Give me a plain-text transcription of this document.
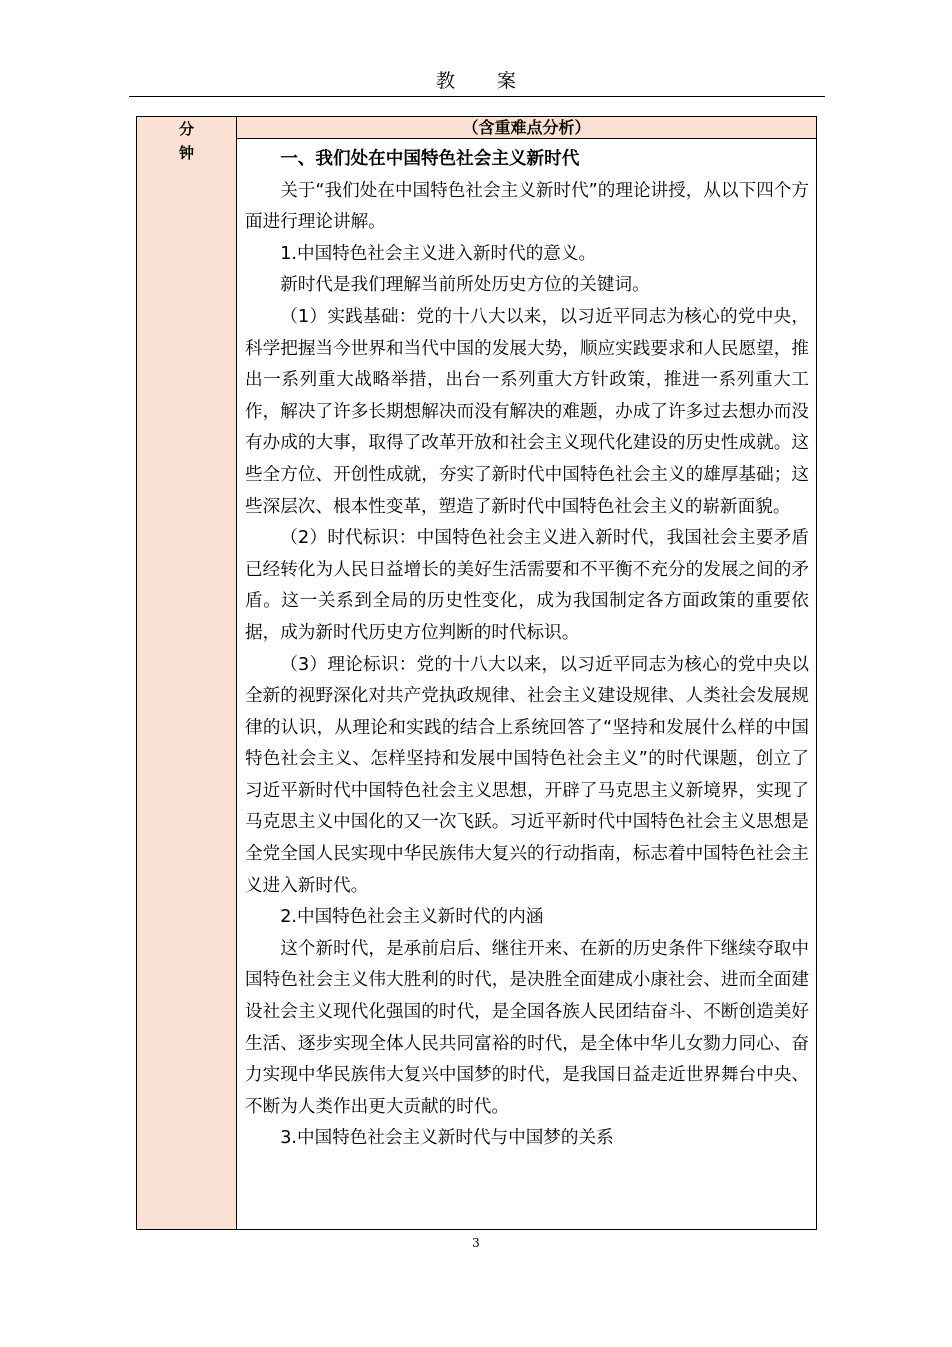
教 案
分
钟

（含重难点分析）

一、我们处在中国特色社会主义新时代

关于“我们处在中国特色社会主义新时代”的理论讲授，从以下四个方面进行理论讲解。

1.中国特色社会主义进入新时代的意义。

新时代是我们理解当前所处历史方位的关键词。

（1）实践基础：党的十八大以来，以习近平同志为核心的党中央，科学把握当今世界和当代中国的发展大势，顺应实践要求和人民愿望，推出一系列重大战略举措，出台一系列重大方针政策，推进一系列重大工作，解决了许多长期想解决而没有解决的难题，办成了许多过去想办而没有办成的大事，取得了改革开放和社会主义现代化建设的历史性成就。这些全方位、开创性成就，夯实了新时代中国特色社会主义的雄厚基础；这些深层次、根本性变革，塑造了新时代中国特色社会主义的崭新面貌。

（2）时代标识：中国特色社会主义进入新时代，我国社会主要矛盾已经转化为人民日益增长的美好生活需要和不平衡不充分的发展之间的矛盾。这一关系到全局的历史性变化，成为我国制定各方面政策的重要依据，成为新时代历史方位判断的时代标识。

（3）理论标识：党的十八大以来，以习近平同志为核心的党中央以全新的视野深化对共产党执政规律、社会主义建设规律、人类社会发展规律的认识，从理论和实践的结合上系统回答了“坚持和发展什么样的中国特色社会主义、怎样坚持和发展中国特色社会主义”的时代课题，创立了习近平新时代中国特色社会主义思想，开辟了马克思主义新境界，实现了马克思主义中国化的又一次飞跃。习近平新时代中国特色社会主义思想是全党全国人民实现中华民族伟大复兴的行动指南，标志着中国特色社会主义进入新时代。

2.中国特色社会主义新时代的内涵

这个新时代，是承前启后、继往开来、在新的历史条件下继续夺取中国特色社会主义伟大胜利的时代，是决胜全面建成小康社会、进而全面建设社会主义现代化强国的时代，是全国各族人民团结奋斗、不断创造美好生活、逐步实现全体人民共同富裕的时代，是全体中华儿女勠力同心、奋力实现中华民族伟大复兴中国梦的时代，是我国日益走近世界舞台中央、不断为人类作出更大贡献的时代。

3.中国特色社会主义新时代与中国梦的关系

3
